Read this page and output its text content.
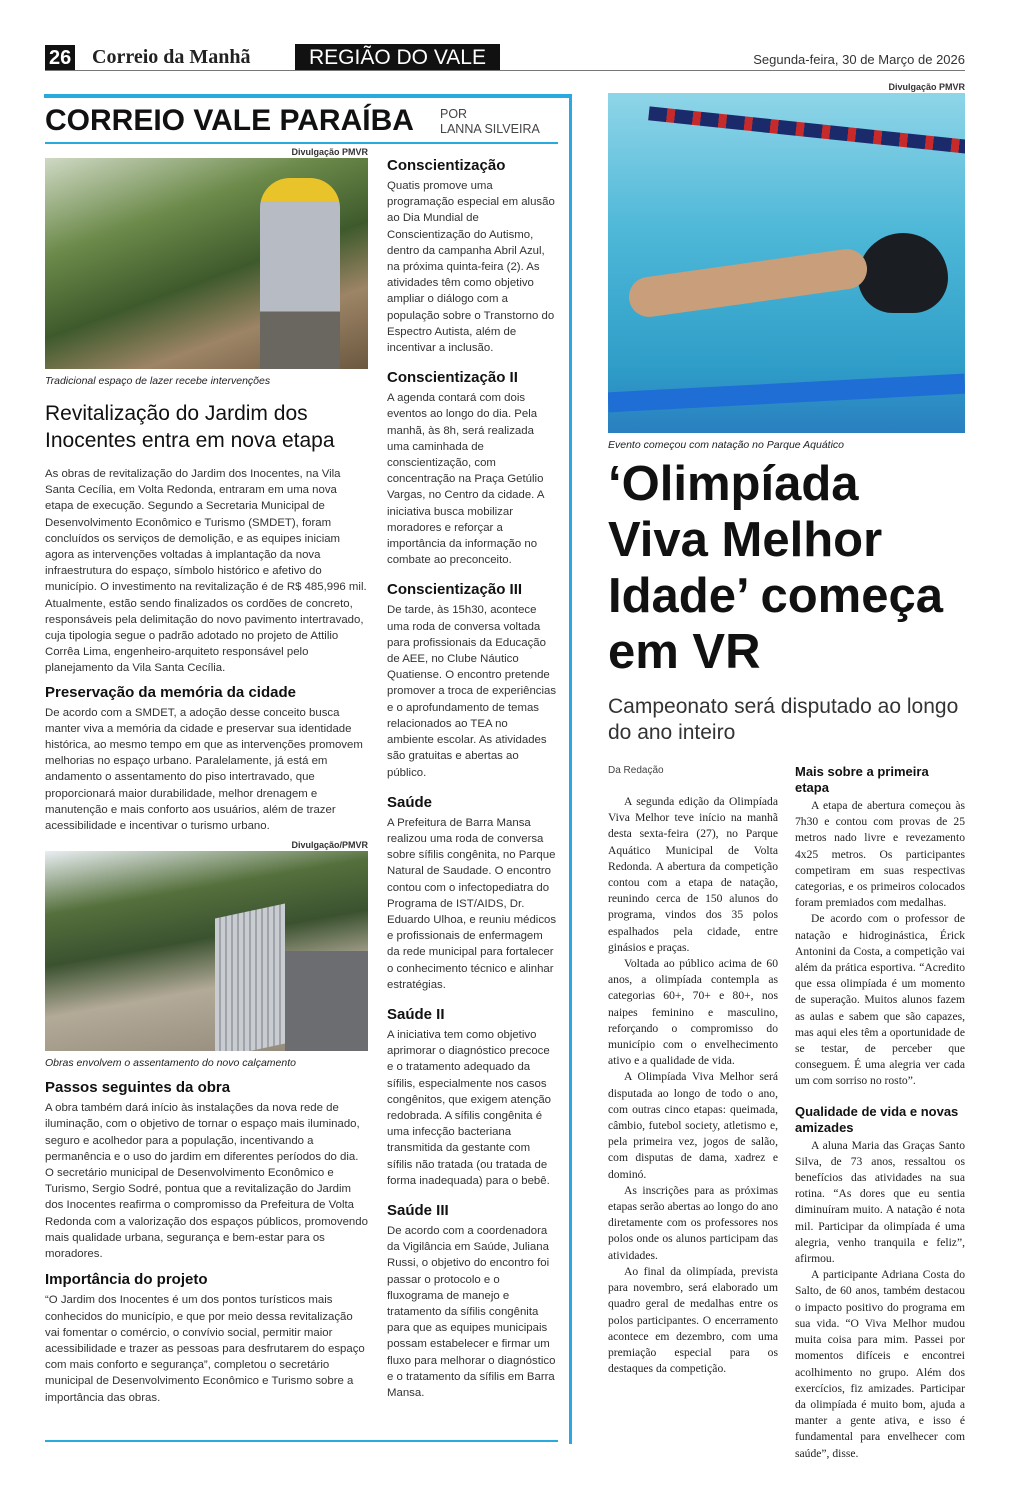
26 Correio da Manhã	REGIÃO DO VALE	Segunda-feira, 30 de Março de 2026
CORREIO VALE PARAÍBA POR
LANNA SILVEIRA
Divulgação PMVR
Tradicional espaço de lazer recebe intervenções
Revitalização do Jardim dos Inocentes entra em nova etapa
As obras de revitalização do Jardim dos Inocentes, na Vila Santa Cecília, em Volta Redonda, entraram em uma nova etapa de execução. Segundo a Secretaria Municipal de Desenvolvimento Econômico e Turismo (SMDET), foram concluídos os serviços de demolição, e as equipes iniciam agora as intervenções voltadas à implantação da nova infraestrutura do espaço, símbolo histórico e afetivo do município. O investimento na revitalização é de R$ 485,996 mil. Atualmente, estão sendo finalizados os cordões de concreto, responsáveis pela delimitação do novo pavimento intertravado, cuja tipologia segue o padrão adotado no projeto de Attilio Corrêa Lima, engenheiro-arquiteto responsável pelo planejamento da Vila Santa Cecília.
Preservação da memória da cidade
De acordo com a SMDET, a adoção desse conceito busca manter viva a memória da cidade e preservar sua identidade histórica, ao mesmo tempo em que as intervenções promovem melhorias no espaço urbano. Paralelamente, já está em andamento o assentamento do piso intertravado, que proporcionará maior durabilidade, melhor drenagem e manutenção e mais conforto aos usuários, além de trazer acessibilidade e incentivar o turismo urbano.
Divulgação/PMVR
Obras envolvem o assentamento do novo calçamento
Passos seguintes da obra
A obra também dará início às instalações da nova rede de iluminação, com o objetivo de tornar o espaço mais iluminado, seguro e acolhedor para a população, incentivando a permanência e o uso do jardim em diferentes períodos do dia. O secretário municipal de Desenvolvimento Econômico e Turismo, Sergio Sodré, pontua que a revitalização do Jardim dos Inocentes reafirma o compromisso da Prefeitura de Volta Redonda com a valorização dos espaços públicos, promovendo mais qualidade urbana, segurança e bem-estar para os moradores.
Importância do projeto
“O Jardim dos Inocentes é um dos pontos turísticos mais conhecidos do município, e que por meio dessa revitalização vai fomentar o comércio, o convívio social, permitir maior acessibilidade e trazer as pessoas para desfrutarem do espaço com mais conforto e segurança”, completou o secretário municipal de Desenvolvimento Econômico e Turismo sobre a importância das obras.
Conscientização
Quatis promove uma programação especial em alusão ao Dia Mundial de Conscientização do Autismo, dentro da campanha Abril Azul, na próxima quinta-feira (2). As atividades têm como objetivo ampliar o diálogo com a população sobre o Transtorno do Espectro Autista, além de incentivar a inclusão.
Conscientização II
A agenda contará com dois eventos ao longo do dia. Pela manhã, às 8h, será realizada uma caminhada de conscientização, com concentração na Praça Getúlio Vargas, no Centro da cidade. A iniciativa busca mobilizar moradores e reforçar a importância da informação no combate ao preconceito.
Conscientização III
De tarde, às 15h30, acontece uma roda de conversa voltada para profissionais da Educação de AEE, no Clube Náutico Quatiense. O encontro pretende promover a troca de experiências e o aprofundamento de temas relacionados ao TEA no ambiente escolar. As atividades são gratuitas e abertas ao público.
Saúde
A Prefeitura de Barra Mansa realizou uma roda de conversa sobre sífilis congênita, no Parque Natural de Saudade. O encontro contou com o infectopediatra do Programa de IST/AIDS, Dr. Eduardo Ulhoa, e reuniu médicos e profissionais de enfermagem da rede municipal para fortalecer o conhecimento técnico e alinhar estratégias.
Saúde II
A iniciativa tem como objetivo aprimorar o diagnóstico precoce e o tratamento adequado da sífilis, especialmente nos casos congênitos, que exigem atenção redobrada. A sífilis congênita é uma infecção bacteriana transmitida da gestante com sífilis não tratada (ou tratada de forma inadequada) para o bebê.
Saúde III
De acordo com a coordenadora da Vigilância em Saúde, Juliana Russi, o objetivo do encontro foi passar o protocolo e o fluxograma de manejo e tratamento da sífilis congênita para que as equipes municipais possam estabelecer e firmar um fluxo para melhorar o diagnóstico e o tratamento da sífilis em Barra Mansa.
Divulgação PMVR
Evento começou com natação no Parque Aquático
‘Olimpíada Viva Melhor Idade’ começa em VR
Campeonato será disputado ao longo do ano inteiro
Da Redação

A segunda edição da Olimpíada Viva Melhor teve início na manhã desta sexta-feira (27), no Parque Aquático Municipal de Volta Redonda. A abertura da competição contou com a etapa de natação, reunindo cerca de 150 alunos do programa, vindos dos 35 polos espalhados pela cidade, entre ginásios e praças.

Voltada ao público acima de 60 anos, a olimpíada contempla as categorias 60+, 70+ e 80+, nos naipes feminino e masculino, reforçando o compromisso do município com o envelhecimento ativo e a qualidade de vida.

A Olimpíada Viva Melhor será disputada ao longo de todo o ano, com outras cinco etapas: queimada, câmbio, futebol society, atletismo e, pela primeira vez, jogos de salão, com disputas de dama, xadrez e dominó.

As inscrições para as próximas etapas serão abertas ao longo do ano diretamente com os professores nos polos onde os alunos participam das atividades.

Ao final da olimpíada, prevista para novembro, será elaborado um quadro geral de medalhas entre os polos participantes. O encerramento acontece em dezembro, com uma premiação especial para os destaques da competição.

Mais sobre a primeira etapa

A etapa de abertura começou às 7h30 e contou com provas de 25 metros nado livre e revezamento 4x25 metros. Os participantes competiram em suas respectivas categorias, e os primeiros colocados foram premiados com medalhas.

De acordo com o professor de natação e hidroginástica, Érick Antonini da Costa, a competição vai além da prática esportiva. “Acredito que essa olimpíada é um momento de superação. Muitos alunos fazem as aulas e sabem que são capazes, mas aqui eles têm a oportunidade de se testar, de perceber que conseguem. É uma alegria ver cada um com sorriso no rosto”.

Qualidade de vida e novas amizades

A aluna Maria das Graças Santo Silva, de 73 anos, ressaltou os benefícios das atividades na sua rotina. “As dores que eu sentia diminuíram muito. A natação é nota mil. Participar da olimpíada é uma alegria, venho tranquila e feliz”, afirmou.

A participante Adriana Costa do Salto, de 60 anos, também destacou o impacto positivo do programa em sua vida. “O Viva Melhor mudou muita coisa para mim. Passei por momentos difíceis e encontrei acolhimento no grupo. Além dos exercícios, fiz amizades. Participar da olimpíada é muito bom, ajuda a manter a gente ativa, e isso é fundamental para envelhecer com saúde”, disse.
